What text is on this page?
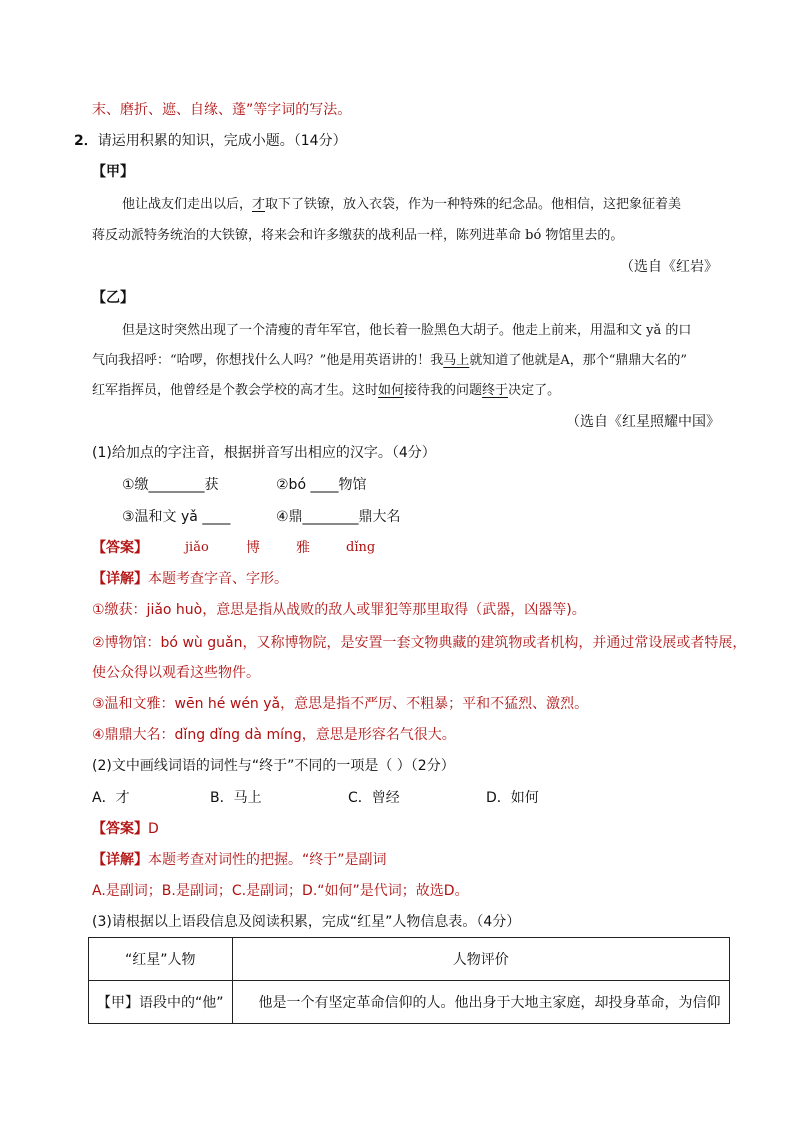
末、磨折、遮、自缘、蓬”等字词的写法。
2．请运用积累的知识，完成小题。（14分）
【甲】
他让战友们走出以后，才取下了铁镣，放入衣袋，作为一种特殊的纪念品。他相信，这把象征着美
蒋反动派特务统治的大铁镣，将来会和许多缴获的战利品一样，陈列进革命 bó 物馆里去的。
（选自《红岩》
【乙】
但是这时突然出现了一个清瘦的青年军官，他长着一脸黑色大胡子。他走上前来，用温和文 yǎ 的口
气向我招呼：“哈啰，你想找什么人吗？”他是用英语讲的！我马上就知道了他就是A，那个“鼎鼎大名的”
红军指挥员，他曾经是个教会学校的高才生。这时如何接待我的问题终于决定了。
（选自《红星照耀中国》
(1)给加点的字注音，根据拼音写出相应的汉字。（4分）
①缴________获	②bó ____物馆
③温和文 yǎ ____	④鼎________鼎大名
【答案】	jiǎo	博	雅	dǐng
【详解】本题考查字音、字形。
①缴获：jiǎo huò，意思是指从战败的敌人或罪犯等那里取得（武器，凶器等)。
②博物馆：bó wù guǎn，又称博物院，是安置一套文物典藏的建筑物或者机构，并通过常设展或者特展，
使公众得以观看这些物件。
③温和文雅：wēn hé wén yǎ，意思是指不严厉、不粗暴；平和不猛烈、激烈。
④鼎鼎大名：dǐng dǐng dà míng，意思是形容名气很大。
(2)文中画线词语的词性与“终于”不同的一项是（ ）（2分）
A．才	B．马上	C．曾经	D．如何
【答案】D
【详解】本题考查对词性的把握。“终于”是副词
A.是副词；B.是副词；C.是副词；D.“如何”是代词；故选D。
(3)请根据以上语段信息及阅读积累，完成“红星”人物信息表。（4分）
“红星”人物	人物评价
【甲】语段中的“他”	他是一个有坚定革命信仰的人。他出身于大地主家庭，却投身革命，为信仰
